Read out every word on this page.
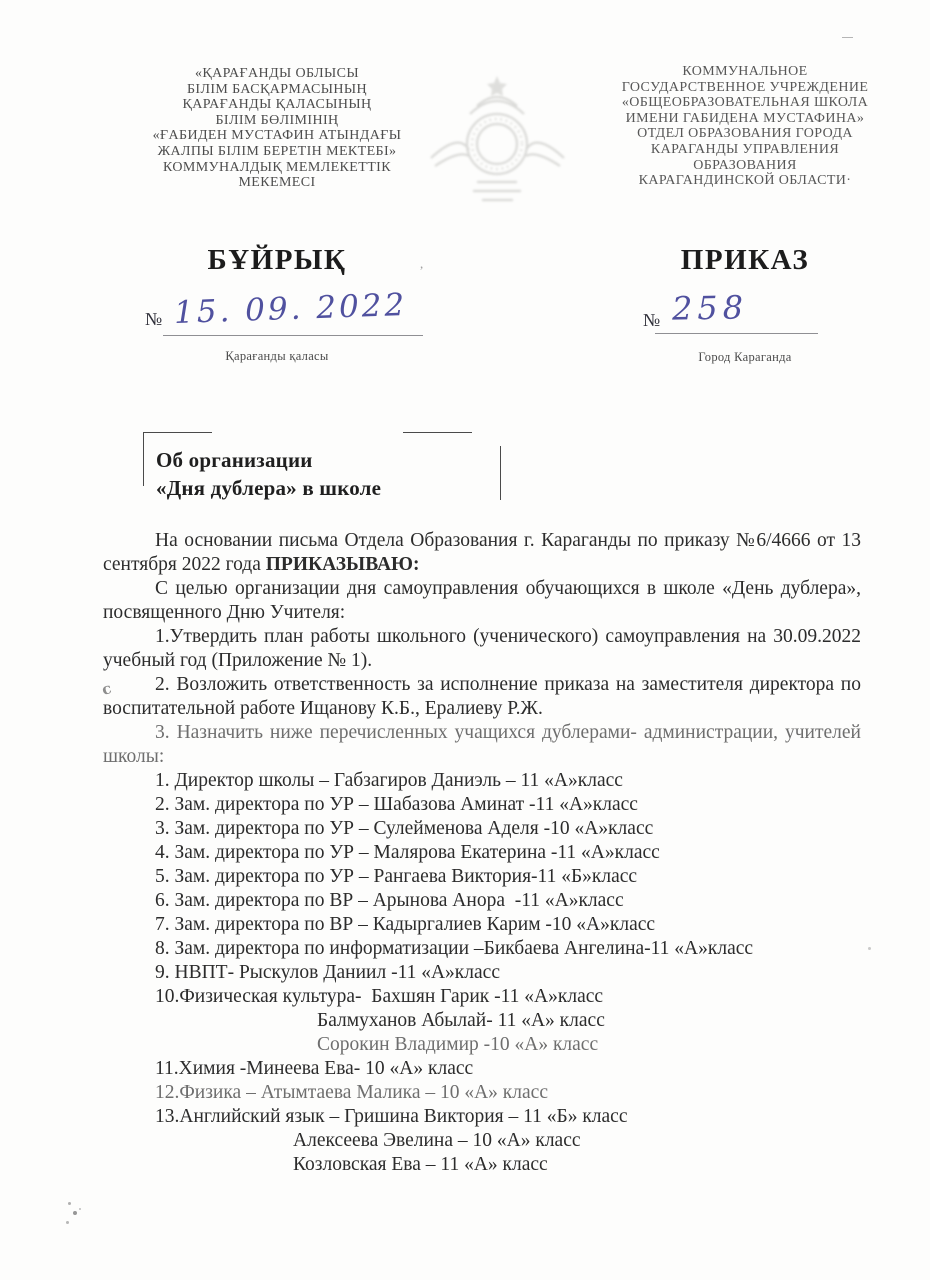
«ҚАРАҒАНДЫ ОБЛЫСЫ
БІЛІМ БАСҚАРМАСЫНЫҢ
ҚАРАҒАНДЫ ҚАЛАСЫНЫҢ
БІЛІМ БӨЛІМІНІҢ
«ҒАБИДЕН МУСТАФИН АТЫНДАҒЫ
ЖАЛПЫ БІЛІМ БЕРЕТІН МЕКТЕБІ»
КОММУНАЛДЫҚ МЕМЛЕКЕТТІК
МЕКЕМЕСІ
КОММУНАЛЬНОЕ
ГОСУДАРСТВЕННОЕ УЧРЕЖДЕНИЕ
«ОБЩЕОБРАЗОВАТЕЛЬНАЯ ШКОЛА
ИМЕНИ ГАБИДЕНА МУСТАФИНА»
ОТДЕЛ ОБРАЗОВАНИЯ ГОРОДА
КАРАГАНДЫ УПРАВЛЕНИЯ
ОБРАЗОВАНИЯ
КАРАГАНДИНСКОЙ ОБЛАСТИ·
БҰЙРЫҚ	ПРИКАЗ
№ 15. 09. 2022	№ 258
Қарағанды қаласы	Город Караганда
Об организации
«Дня дублера» в школе

На основании письма Отдела Образования г. Караганды по приказу №6/4666 от 13 сентября 2022 года ПРИКАЗЫВАЮ:

С целью организации дня самоуправления обучающихся в школе «День дублера», посвященного Дню Учителя:

1.Утвердить план работы школьного (ученического) самоуправления на 30.09.2022 учебный год (Приложение № 1).

2. Возложить ответственность за исполнение приказа на заместителя директора по воспитательной работе Ищанову К.Б., Ералиеву Р.Ж.

3. Назначить ниже перечисленных учащихся дублерами- администрации, учителей школы:

1. Директор школы – Габзагиров Даниэль – 11 «А»класс
2. Зам. директора по УР – Шабазова Аминат -11 «А»класс
3. Зам. директора по УР – Сулейменова Аделя -10 «А»класс
4. Зам. директора по УР – Малярова Екатерина -11 «А»класс
5. Зам. директора по УР – Рангаева Виктория-11 «Б»класс
6. Зам. директора по ВР – Арынова Анора  -11 «А»класс
7. Зам. директора по ВР – Кадыргалиев Карим -10 «А»класс
8. Зам. директора по информатизации –Бикбаева Ангелина-11 «А»класс
9. НВПТ- Рыскулов Даниил -11 «А»класс
10.Физическая культура-  Бахшян Гарик -11 «А»класс
Балмуханов Абылай- 11 «А» класс
Сорокин Владимир -10 «А» класс
11.Химия -Минеева Ева- 10 «А» класс
12.Физика – Атымтаева Малика – 10 «А» класс
13.Английский язык – Гришина Виктория – 11 «Б» класс
Алексеева Эвелина – 10 «А» класс
Козловская Ева – 11 «А» класс
c
,
